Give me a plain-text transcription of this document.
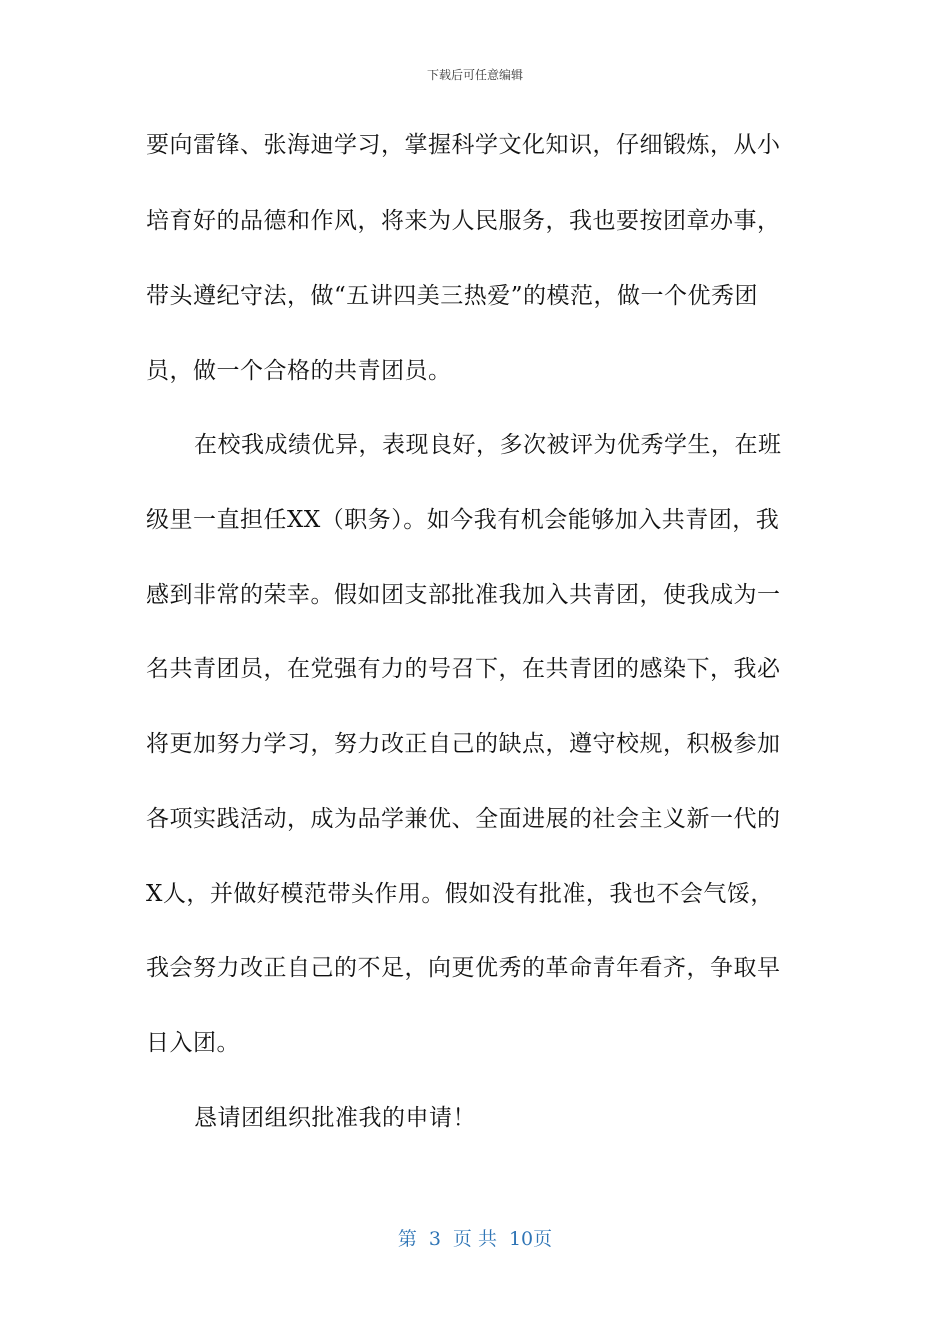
下载后可任意编辑
要向雷锋、张海迪学习，掌握科学文化知识，仔细锻炼，从小
培育好的品德和作风，将来为人民服务，我也要按团章办事，
带头遵纪守法，做“五讲四美三热爱”的模范，做一个优秀团
员，做一个合格的共青团员。
在校我成绩优异，表现良好，多次被评为优秀学生，在班
级里一直担任XX（职务）。如今我有机会能够加入共青团，我
感到非常的荣幸。假如团支部批准我加入共青团，使我成为一
名共青团员，在党强有力的号召下，在共青团的感染下，我必
将更加努力学习，努力改正自己的缺点，遵守校规，积极参加
各项实践活动，成为品学兼优、全面进展的社会主义新一代的
X人，并做好模范带头作用。假如没有批准，我也不会气馁，
我会努力改正自己的不足，向更优秀的革命青年看齐，争取早
日入团。
恳请团组织批准我的申请！
第 3 页 共 10页
